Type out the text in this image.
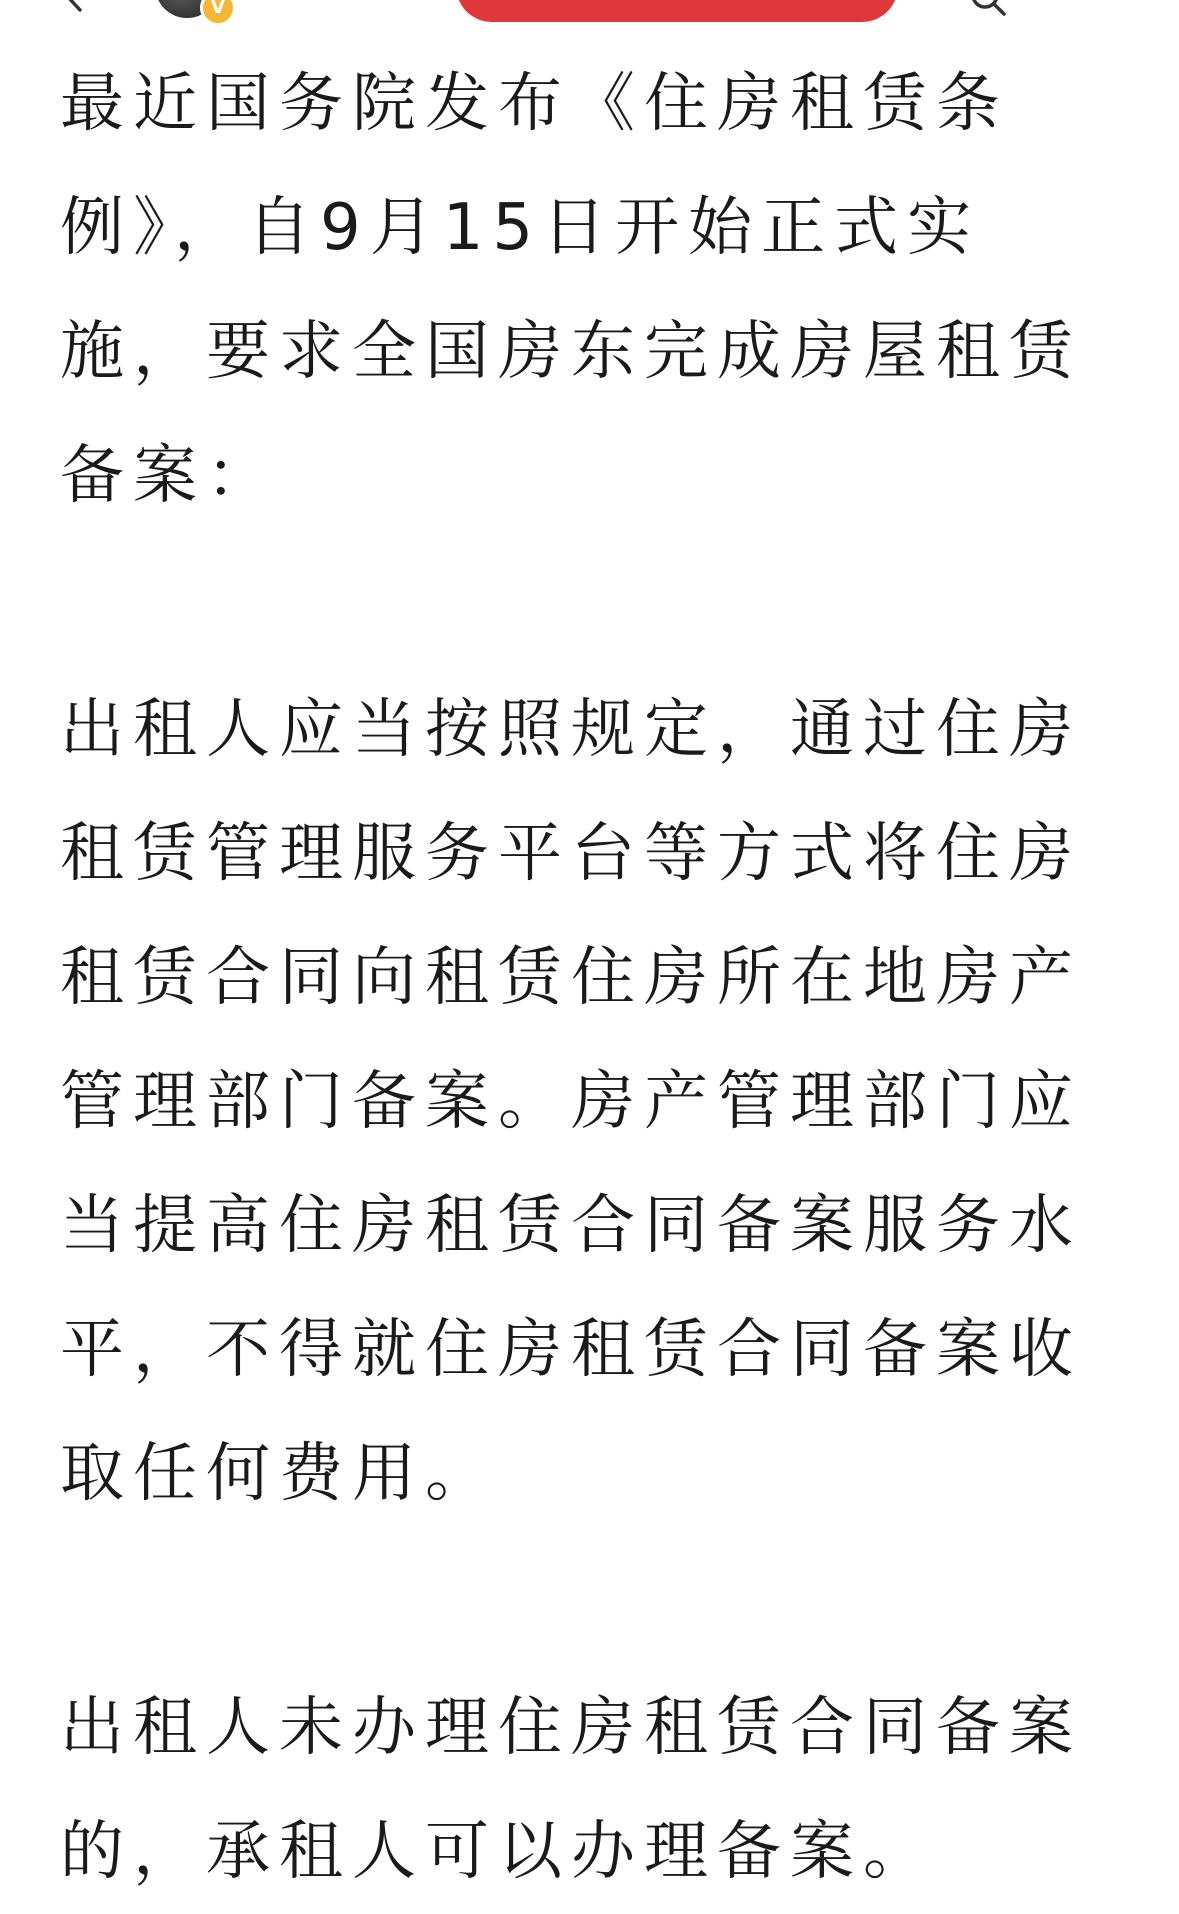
V

最近国务院发布《住房租赁条例》，自9月15日开始正式实施，要求全国房东完成房屋租赁备案：

出租人应当按照规定，通过住房租赁管理服务平台等方式将住房租赁合同向租赁住房所在地房产管理部门备案。房产管理部门应当提高住房租赁合同备案服务水平，不得就住房租赁合同备案收取任何费用。

出租人未办理住房租赁合同备案的，承租人可以办理备案。
